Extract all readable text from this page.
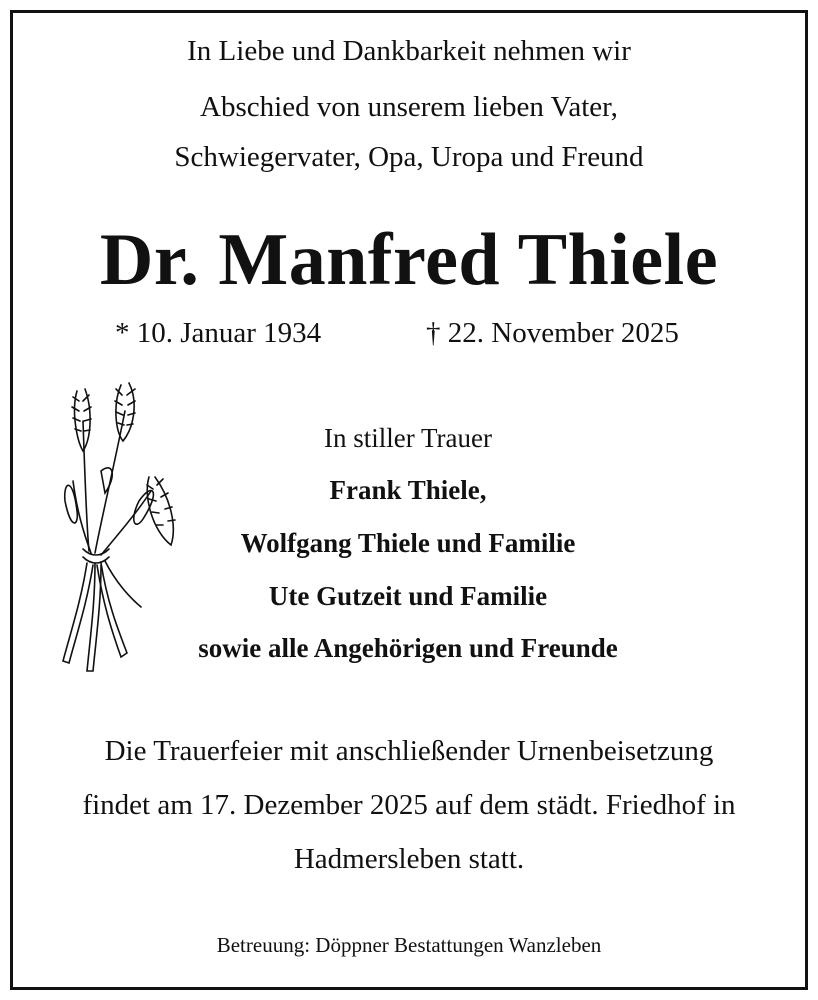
In Liebe und Dankbarkeit nehmen wir
Abschied von unserem lieben Vater,
Schwiegervater, Opa, Uropa und Freund
Dr. Manfred Thiele
* 10. Januar 1934	† 22. November 2025
In stiller Trauer
Frank Thiele,
Wolfgang Thiele und Familie
Ute Gutzeit und Familie
sowie alle Angehörigen und Freunde
Die Trauerfeier mit anschließender Urnenbeisetzung
findet am 17. Dezember 2025 auf dem städt. Friedhof in
Hadmersleben statt.
Betreuung: Döppner Bestattungen Wanzleben
